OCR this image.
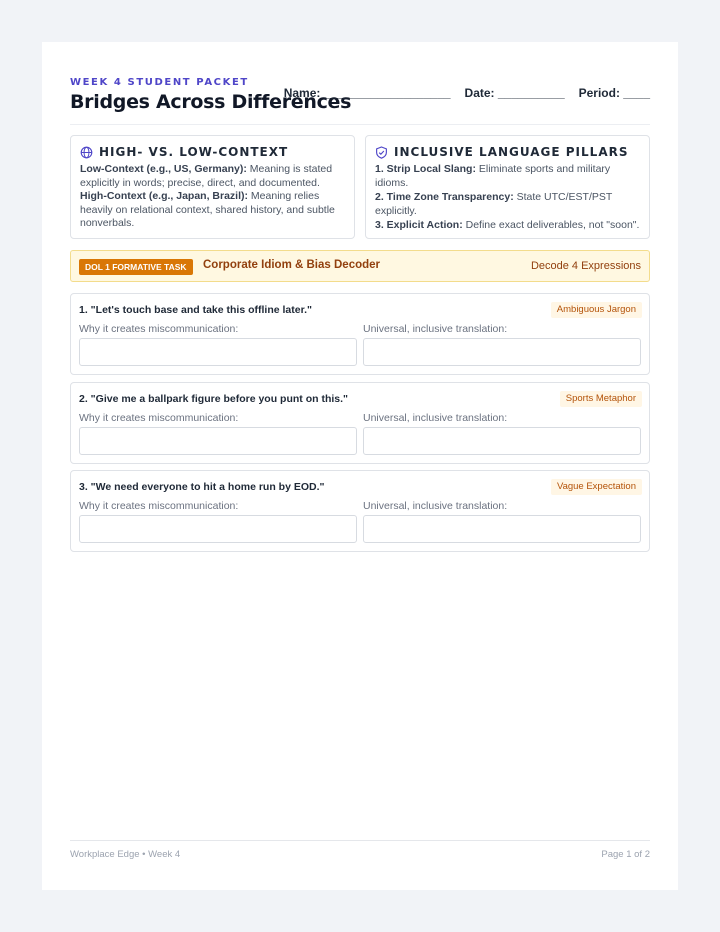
WEEK 4 STUDENT PACKET
Bridges Across Differences
Name: ___________________ Date: __________ Period: ____
HIGH- VS. LOW-CONTEXT
Low-Context (e.g., US, Germany): Meaning is stated explicitly in words; precise, direct, and documented.
High-Context (e.g., Japan, Brazil): Meaning relies heavily on relational context, shared history, and subtle nonverbals.
INCLUSIVE LANGUAGE PILLARS
1. Strip Local Slang: Eliminate sports and military idioms.
2. Time Zone Transparency: State UTC/EST/PST explicitly.
3. Explicit Action: Define exact deliverables, not "soon".
DOL 1 FORMATIVE TASK	Corporate Idiom & Bias Decoder	Decode 4 Expressions
1. "Let's touch base and take this offline later."	Ambiguous Jargon
Why it creates miscommunication:	Universal, inclusive translation:
2. "Give me a ballpark figure before you punt on this."	Sports Metaphor
Why it creates miscommunication:	Universal, inclusive translation:
3. "We need everyone to hit a home run by EOD."	Vague Expectation
Why it creates miscommunication:	Universal, inclusive translation:
Workplace Edge • Week 4	Page 1 of 2
